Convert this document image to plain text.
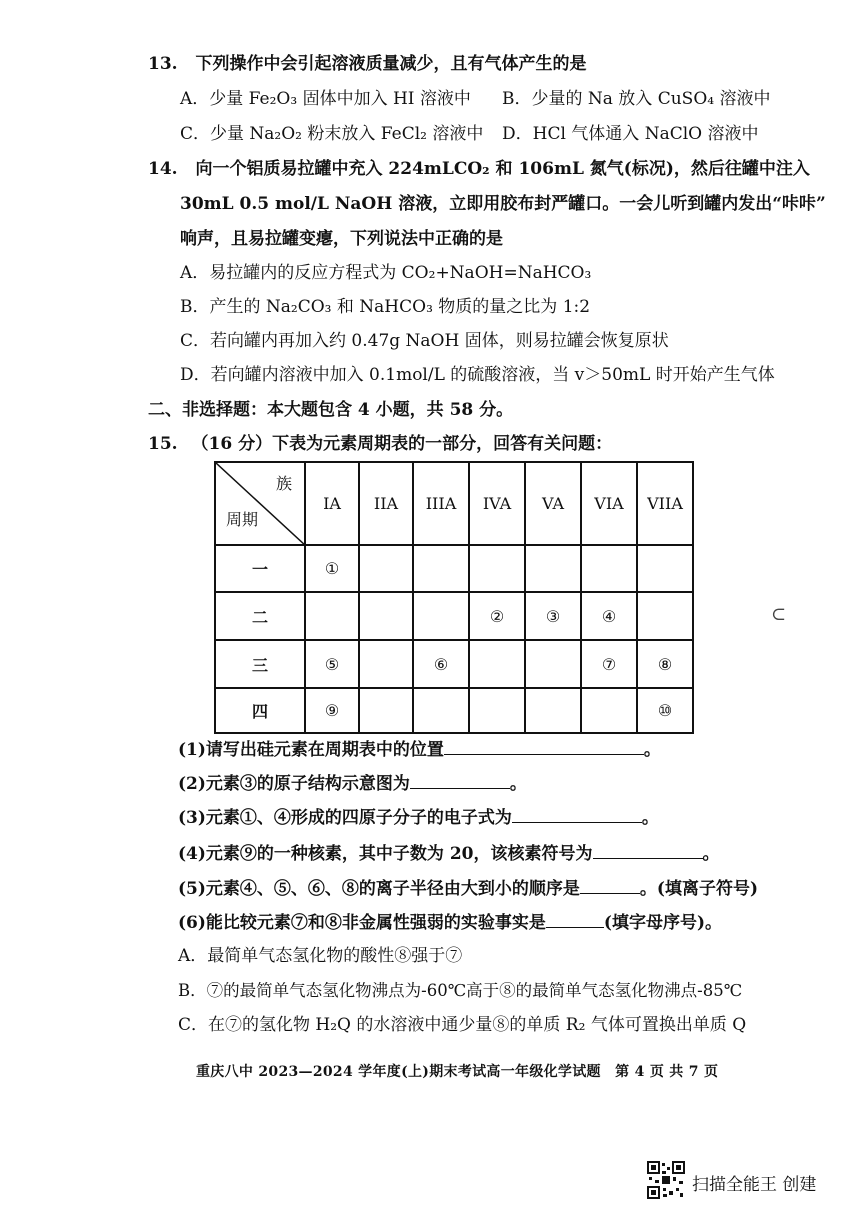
13. 下列操作中会引起溶液质量减少，且有气体产生的是
A．少量 Fe₂O₃ 固体中加入 HI 溶液中 B．少量的 Na 放入 CuSO₄ 溶液中
C．少量 Na₂O₂ 粉末放入 FeCl₂ 溶液中 D．HCl 气体通入 NaClO 溶液中
14. 向一个铝质易拉罐中充入 224mLCO₂ 和 106mL 氮气(标况)，然后往罐中注入
30mL 0.5 mol/L NaOH 溶液，立即用胶布封严罐口。一会儿听到罐内发出“咔咔”
响声，且易拉罐变瘪，下列说法中正确的是
A．易拉罐内的反应方程式为 CO₂+NaOH=NaHCO₃
B．产生的 Na₂CO₃ 和 NaHCO₃ 物质的量之比为 1:2
C．若向罐内再加入约 0.47g NaOH 固体，则易拉罐会恢复原状
D．若向罐内溶液中加入 0.1mol/L 的硫酸溶液，当 v＞50mL 时开始产生气体
二、非选择题：本大题包含 4 小题，共 58 分。
15. （16 分）下表为元素周期表的一部分，回答有关问题：
族
周期	IA	IIA	IIIA	IVA	VA	VIA	VIIA
一	①						
二				②	③	④	
三	⑤		⑥			⑦	⑧
四	⑨						⑩
⊂
(1)请写出硅元素在周期表中的位置	。
(2)元素③的原子结构示意图为	。
(3)元素①、④形成的四原子分子的电子式为	。
(4)元素⑨的一种核素，其中子数为 20，该核素符号为	。
(5)元素④、⑤、⑥、⑧的离子半径由大到小的顺序是	。(填离子符号)
(6)能比较元素⑦和⑧非金属性强弱的实验事实是	(填字母序号)。
A．最简单气态氢化物的酸性⑧强于⑦
B．⑦的最简单气态氢化物沸点为-60℃高于⑧的最简单气态氢化物沸点-85℃
C．在⑦的氢化物 H₂Q 的水溶液中通少量⑧的单质 R₂ 气体可置换出单质 Q
重庆八中 2023—2024 学年度(上)期末考试高一年级化学试题　第 4 页 共 7 页
扫描全能王 创建
